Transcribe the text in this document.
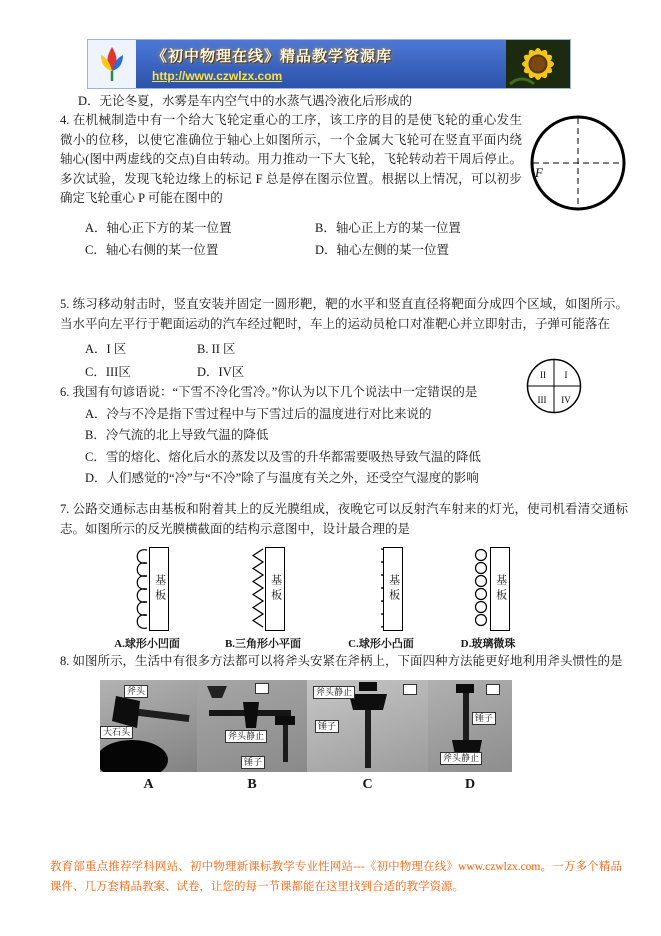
《初中物理在线》精品教学资源库
http://www.czwlzx.com
D．无论冬夏，水雾是车内空气中的水蒸气遇冷液化后形成的
4. 在机械制造中有一个给大飞轮定重心的工序，该工序的目的是使飞轮的重心发生微小的位移，以使它准确位于轴心上如图所示，一个金属大飞轮可在竖直平面内绕轴心(图中两虚线的交点)自由转动。用力推动一下大飞轮，飞轮转动若干周后停止。多次试验，发现飞轮边缘上的标记 F 总是停在图示位置。根据以上情况，可以初步确定飞轮重心 P 可能在图中的
F
A．轴心正下方的某一位置	B．轴心正上方的某一位置
C．轴心右侧的某一位置	D．轴心左侧的某一位置
5. 练习移动射击时，竖直安装并固定一圆形靶，靶的水平和竖直直径将靶面分成四个区域，如图所示。当水平向左平行于靶面运动的汽车经过靶时，车上的运动员枪口对准靶心并立即射击，子弹可能落在
II I
III IV
A．I 区	B. II 区
C．III区	D．IV区
6. 我国有句谚语说：“下雪不冷化雪冷。”你认为以下几个说法中一定错误的是
A．冷与不冷是指下雪过程中与下雪过后的温度进行对比来说的
B．冷气流的北上导致气温的降低
C．雪的熔化、熔化后水的蒸发以及雪的升华都需要吸热导致气温的降低
D．人们感觉的“冷”与“不冷”除了与温度有关之外，还受空气湿度的影响
7. 公路交通标志由基板和附着其上的反光膜组成，夜晚它可以反射汽车射来的灯光，使司机看清交通标志。如图所示的反光膜横截面的结构示意图中，设计最合理的是
基板
A.球形小凹面
基板
B.三角形小平面
基板
C.球形小凸面
基板
D.玻璃微珠
8. 如图所示，生活中有很多方法都可以将斧头安紧在斧柄上，下面四种方法能更好地利用斧头惯性的是
斧头
大石头	斧头静止
锤子
斧头静止
锤子
锤子
斧头静止
A	B	C	D
教育部重点推荐学科网站、初中物理新课标教学专业性网站---《初中物理在线》www.czwlzx.com。一万多个精品课件、几万套精品教案、试卷，让您的每一节课都能在这里找到合适的教学资源。
